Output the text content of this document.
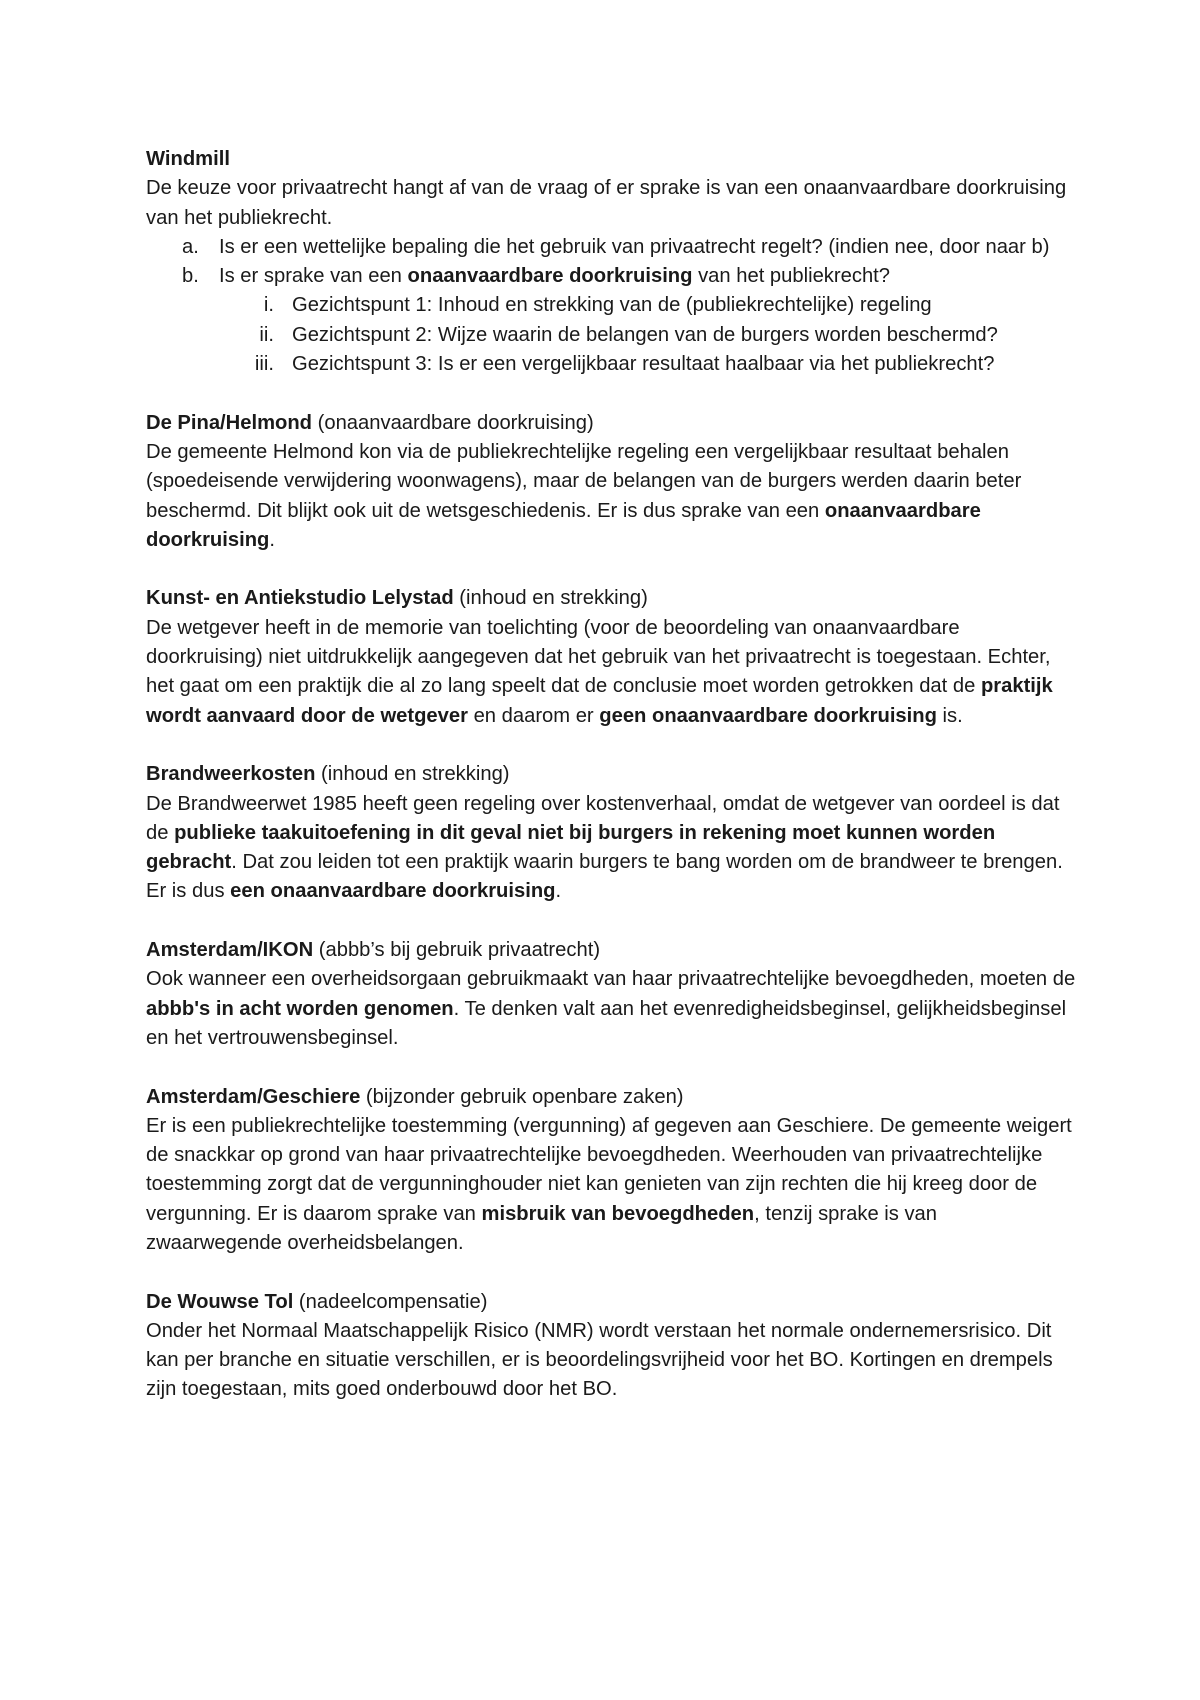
Windmill

De keuze voor privaatrecht hangt af van de vraag of er sprake is van een onaanvaardbare doorkruising van het publiekrecht.

a. Is er een wettelijke bepaling die het gebruik van privaatrecht regelt? (indien nee, door naar b)
b. Is er sprake van een onaanvaardbare doorkruising van het publiekrecht?
i. Gezichtspunt 1: Inhoud en strekking van de (publiekrechtelijke) regeling
ii. Gezichtspunt 2: Wijze waarin de belangen van de burgers worden beschermd?
iii. Gezichtspunt 3: Is er een vergelijkbaar resultaat haalbaar via het publiekrecht?

De Pina/Helmond (onaanvaardbare doorkruising)

De gemeente Helmond kon via de publiekrechtelijke regeling een vergelijkbaar resultaat behalen (spoedeisende verwijdering woonwagens), maar de belangen van de burgers werden daarin beter beschermd. Dit blijkt ook uit de wetsgeschiedenis. Er is dus sprake van een onaanvaardbare doorkruising.

Kunst- en Antiekstudio Lelystad (inhoud en strekking)

De wetgever heeft in de memorie van toelichting (voor de beoordeling van onaanvaardbare doorkruising) niet uitdrukkelijk aangegeven dat het gebruik van het privaatrecht is toegestaan. Echter, het gaat om een praktijk die al zo lang speelt dat de conclusie moet worden getrokken dat de praktijk wordt aanvaard door de wetgever en daarom er geen onaanvaardbare doorkruising is.

Brandweerkosten (inhoud en strekking)

De Brandweerwet 1985 heeft geen regeling over kostenverhaal, omdat de wetgever van oordeel is dat de publieke taakuitoefening in dit geval niet bij burgers in rekening moet kunnen worden gebracht. Dat zou leiden tot een praktijk waarin burgers te bang worden om de brandweer te brengen. Er is dus een onaanvaardbare doorkruising.

Amsterdam/IKON (abbb’s bij gebruik privaatrecht)

Ook wanneer een overheidsorgaan gebruikmaakt van haar privaatrechtelijke bevoegdheden, moeten de abbb's in acht worden genomen. Te denken valt aan het evenredigheidsbeginsel, gelijkheidsbeginsel en het vertrouwensbeginsel.

Amsterdam/Geschiere (bijzonder gebruik openbare zaken)

Er is een publiekrechtelijke toestemming (vergunning) af gegeven aan Geschiere. De gemeente weigert de snackkar op grond van haar privaatrechtelijke bevoegdheden. Weerhouden van privaatrechtelijke toestemming zorgt dat de vergunninghouder niet kan genieten van zijn rechten die hij kreeg door de vergunning. Er is daarom sprake van misbruik van bevoegdheden, tenzij sprake is van zwaarwegende overheidsbelangen.

De Wouwse Tol (nadeelcompensatie)

Onder het Normaal Maatschappelijk Risico (NMR) wordt verstaan het normale ondernemersrisico. Dit kan per branche en situatie verschillen, er is beoordelingsvrijheid voor het BO. Kortingen en drempels zijn toegestaan, mits goed onderbouwd door het BO.
